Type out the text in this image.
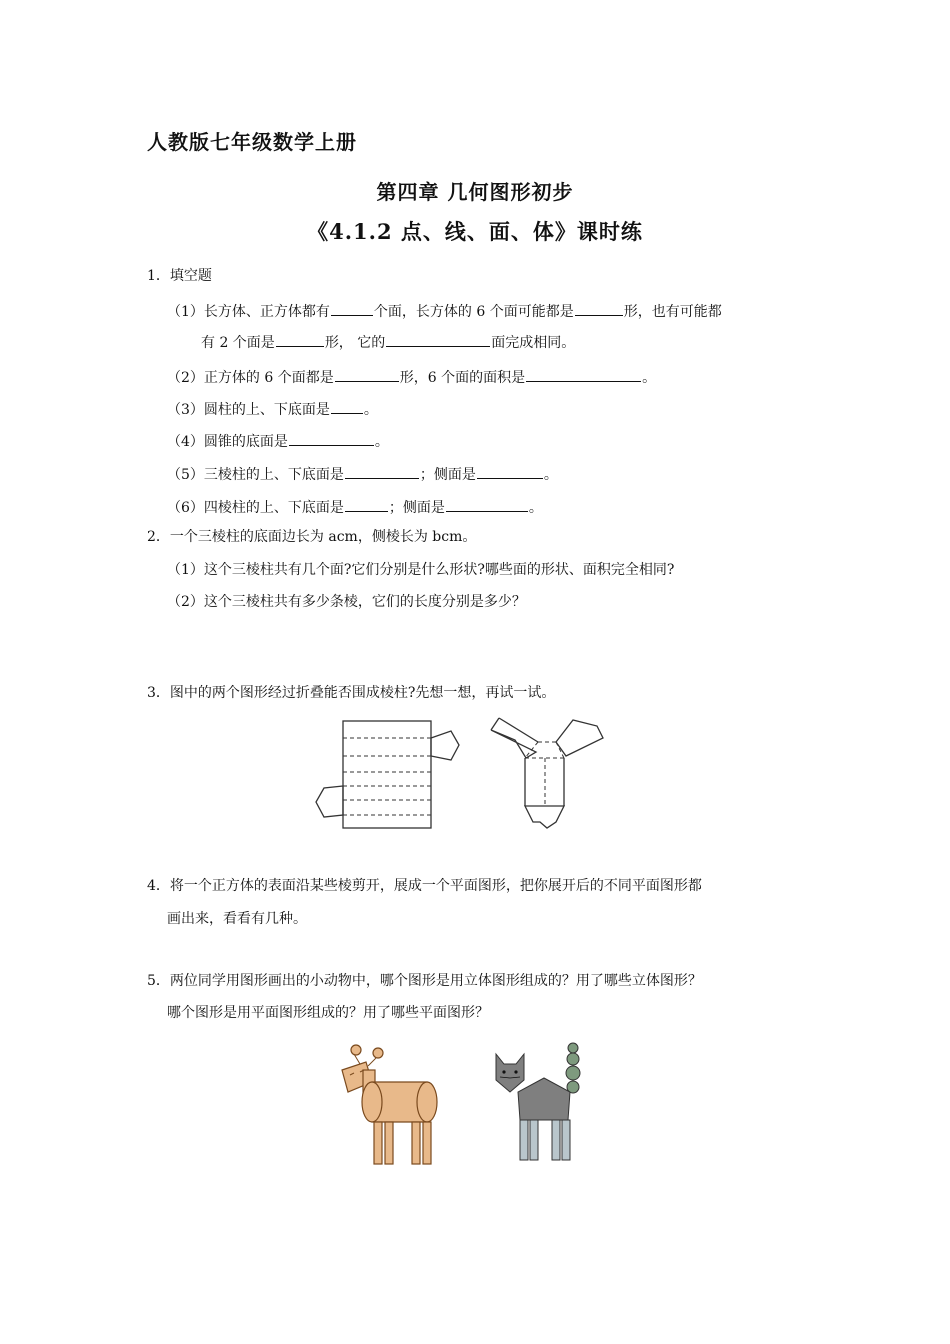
人教版七年级数学上册
第四章 几何图形初步
《4.1.2 点、线、面、体》课时练
1．填空题
（1）长方体、正方体都有	个面，长方体的 6 个面可能都是	形，也有可能都
有 2 个面是	形， 它的	面完成相同。
（2）正方体的 6 个面都是	形，6 个面的面积是	。
（3）圆柱的上、下底面是 。
（4）圆锥的底面是	。
（5）三棱柱的上、下底面是	；侧面是	。
（6）四棱柱的上、下底面是	；侧面是	。
2．一个三棱柱的底面边长为 acm，侧棱长为 bcm。
（1）这个三棱柱共有几个面?它们分别是什么形状?哪些面的形状、面积完全相同?
（2）这个三棱柱共有多少条棱，它们的长度分别是多少？
3．图中的两个图形经过折叠能否围成棱柱?先想一想，再试一试。
4．将一个正方体的表面沿某些棱剪开，展成一个平面图形，把你展开后的不同平面图形都
画出来，看看有几种。
5．两位同学用图形画出的小动物中，哪个图形是用立体图形组成的？用了哪些立体图形？
哪个图形是用平面图形组成的？用了哪些平面图形？
